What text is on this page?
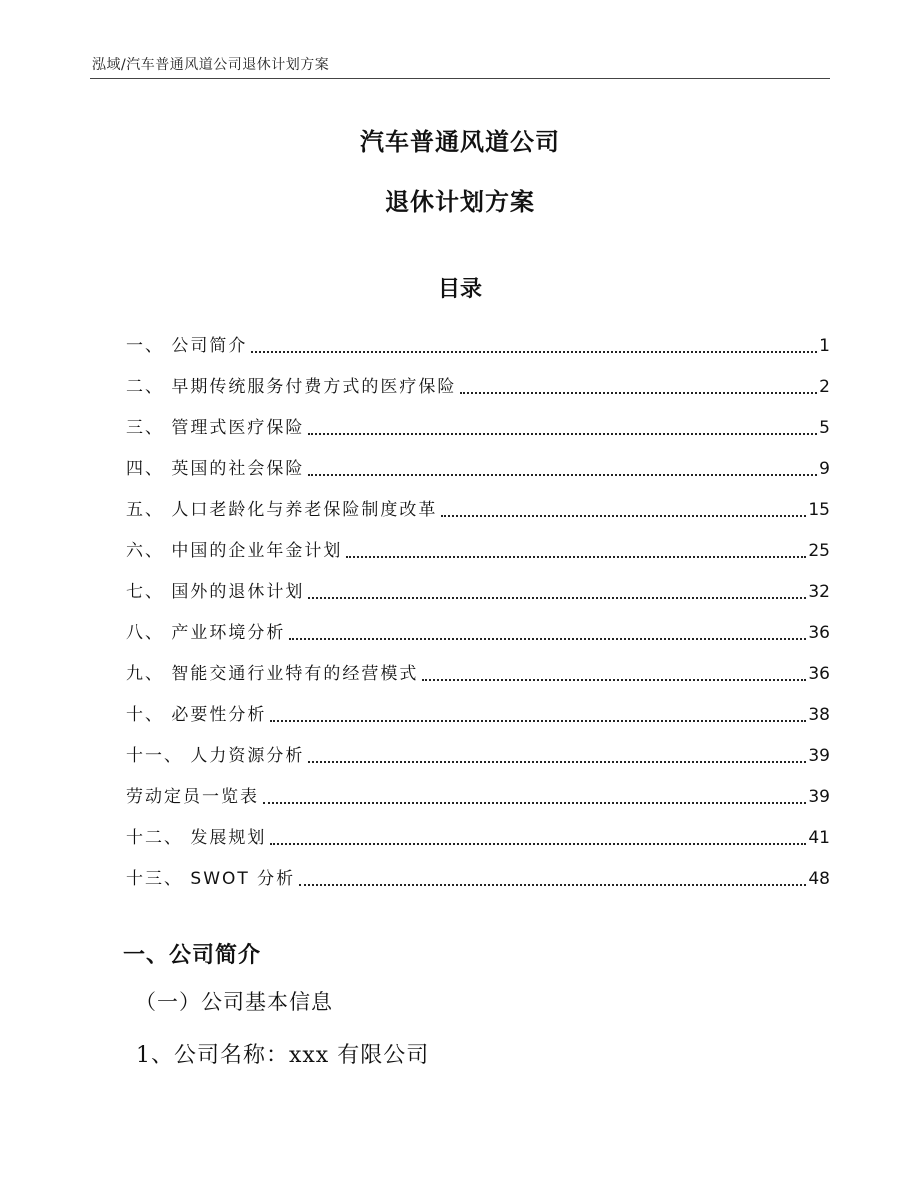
泓域/汽车普通风道公司退休计划方案
汽车普通风道公司
退休计划方案
目录
一、 公司简介	1
二、 早期传统服务付费方式的医疗保险	2
三、 管理式医疗保险	5
四、 英国的社会保险	9
五、 人口老龄化与养老保险制度改革	15
六、 中国的企业年金计划	25
七、 国外的退休计划	32
八、 产业环境分析	36
九、 智能交通行业特有的经营模式	36
十、 必要性分析	38
十一、 人力资源分析	39
劳动定员一览表	39
十二、 发展规划	41
十三、 SWOT 分析	48
一、公司简介
（一）公司基本信息
1、公司名称：xxx 有限公司
